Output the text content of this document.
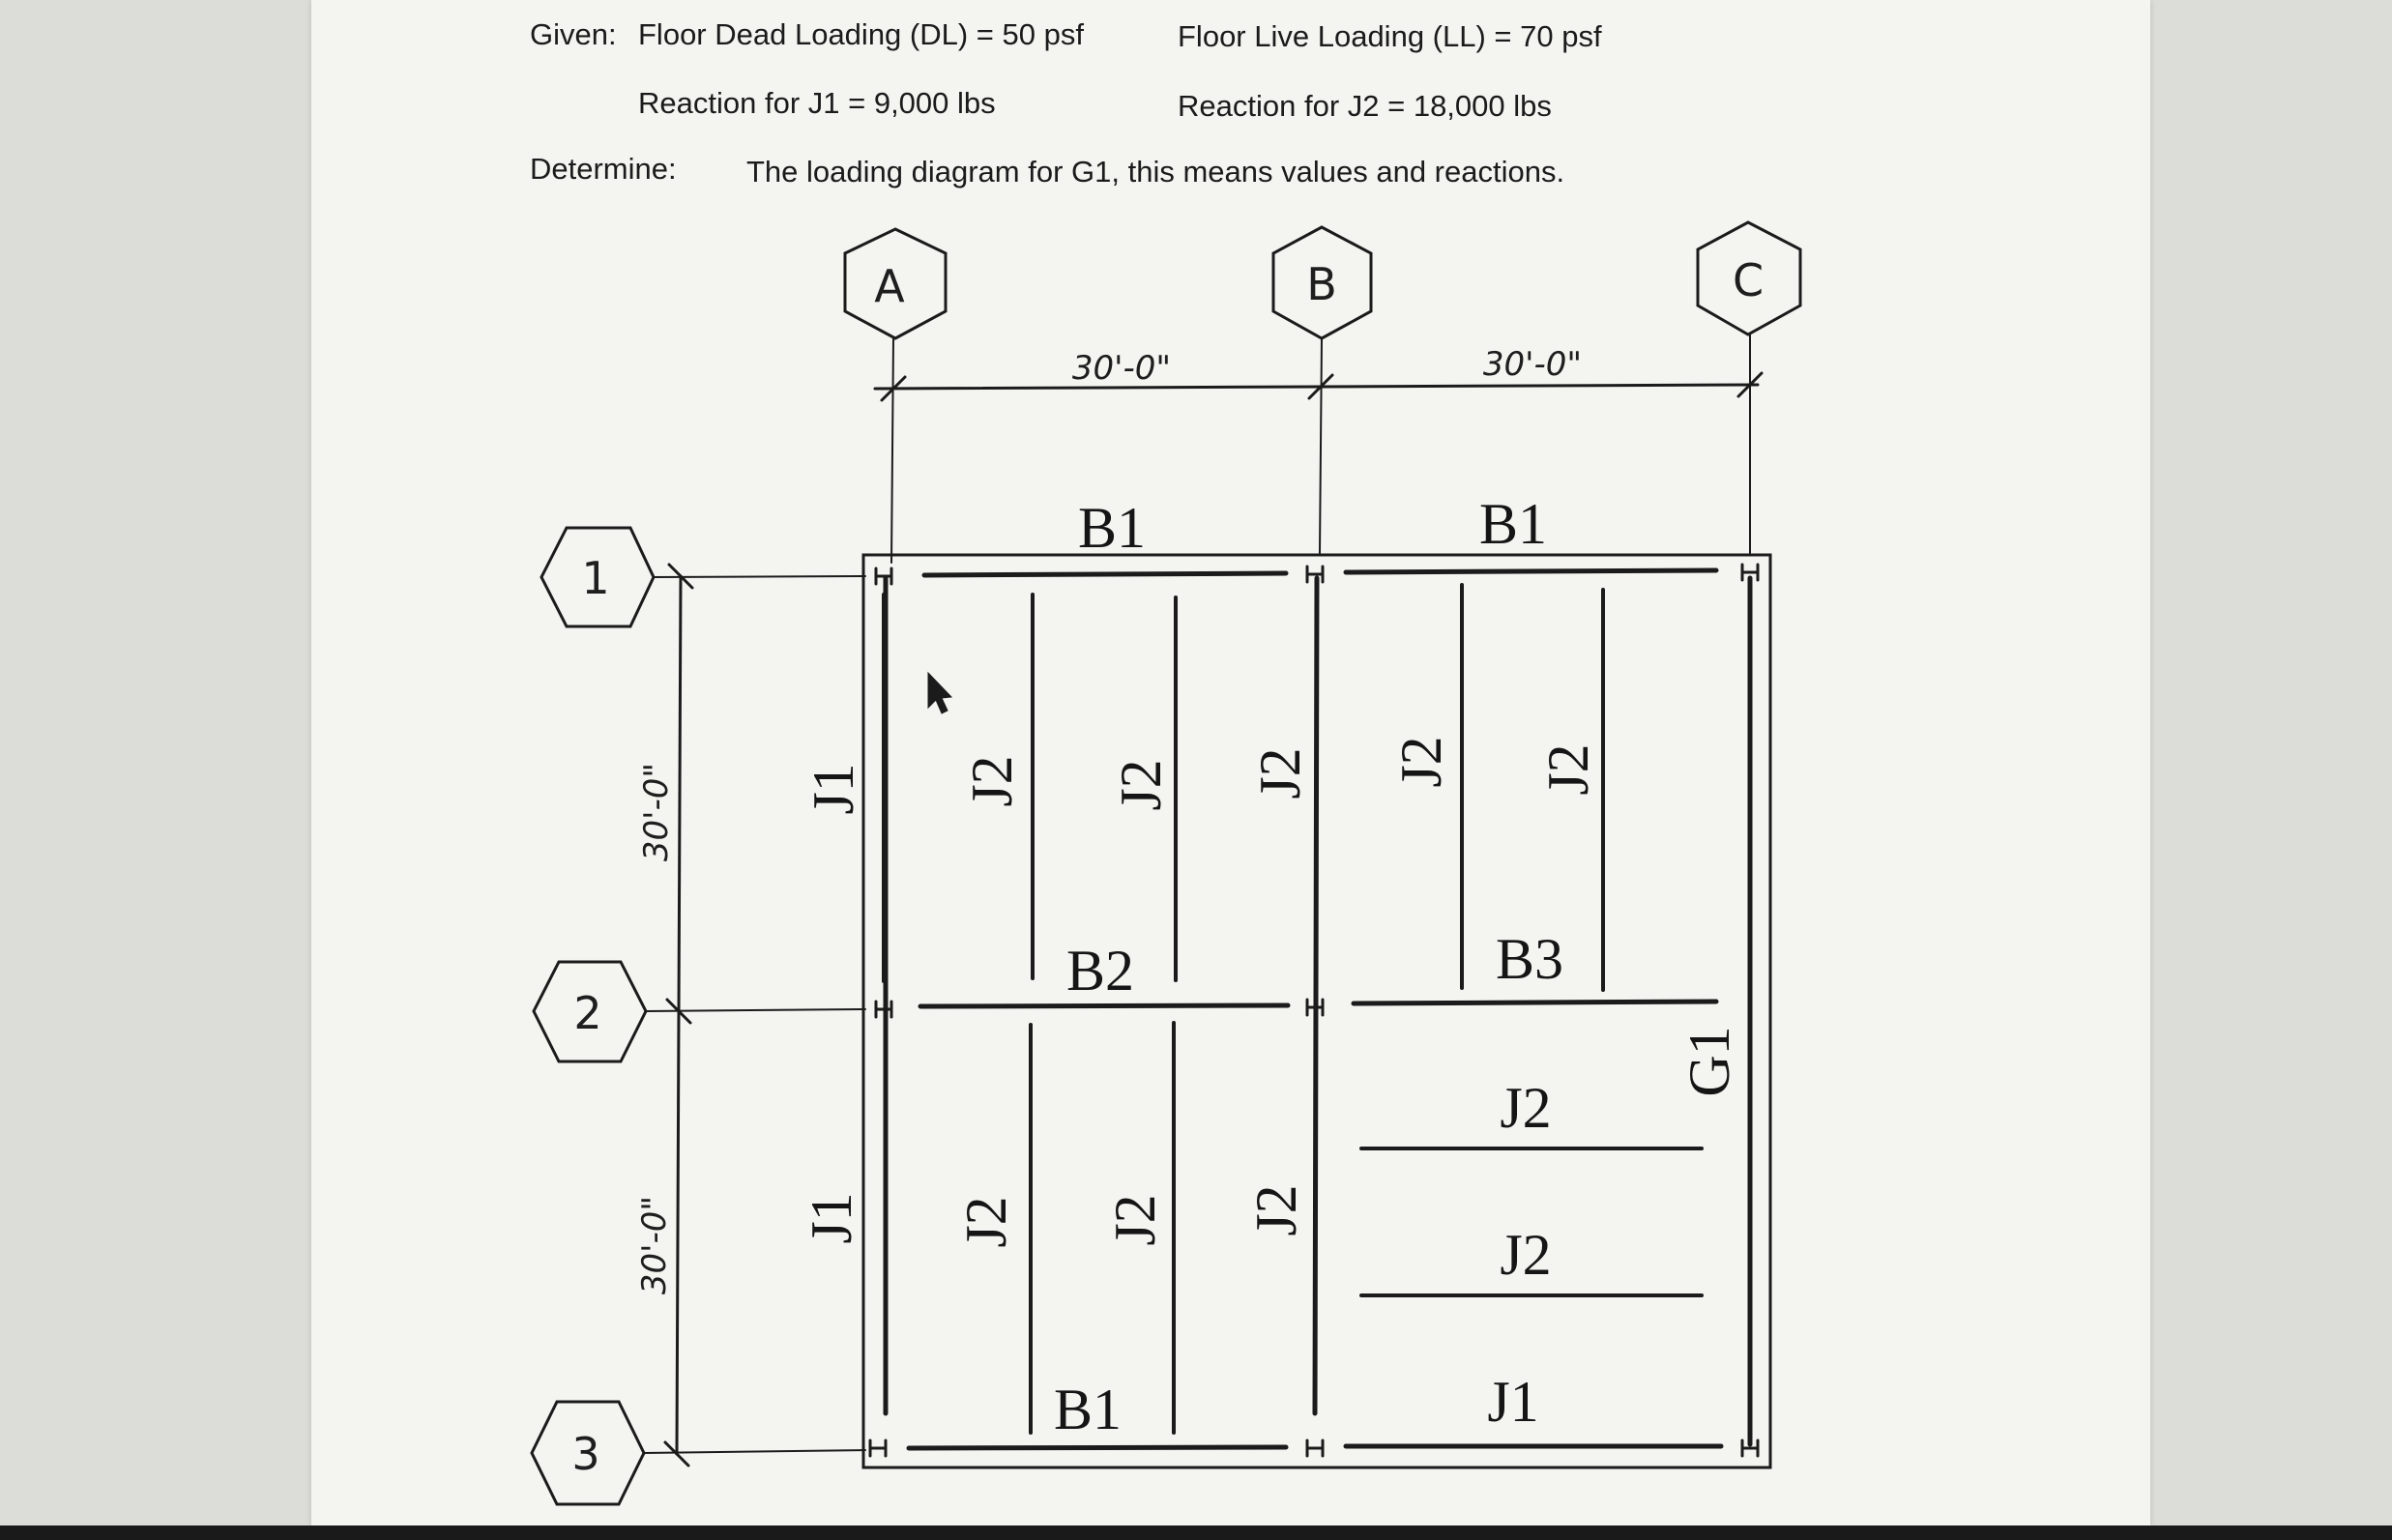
Given: Floor Dead Loading (DL) = 50 psf	Floor Live Loading (LL) = 70 psf
Reaction for J1 = 9,000 lbs	Reaction for J2 = 18,000 lbs
Determine: The loading diagram for G1, this means values and reactions.
A	B	C
1
2
3
30'-0"	30'-0"
30'-0"
30'-0"
B1	B1
B2	B3
B1	J1
G1
J1 J2 J2 J2 J2 J2
J1 J2 J2 J2
J2
J2
